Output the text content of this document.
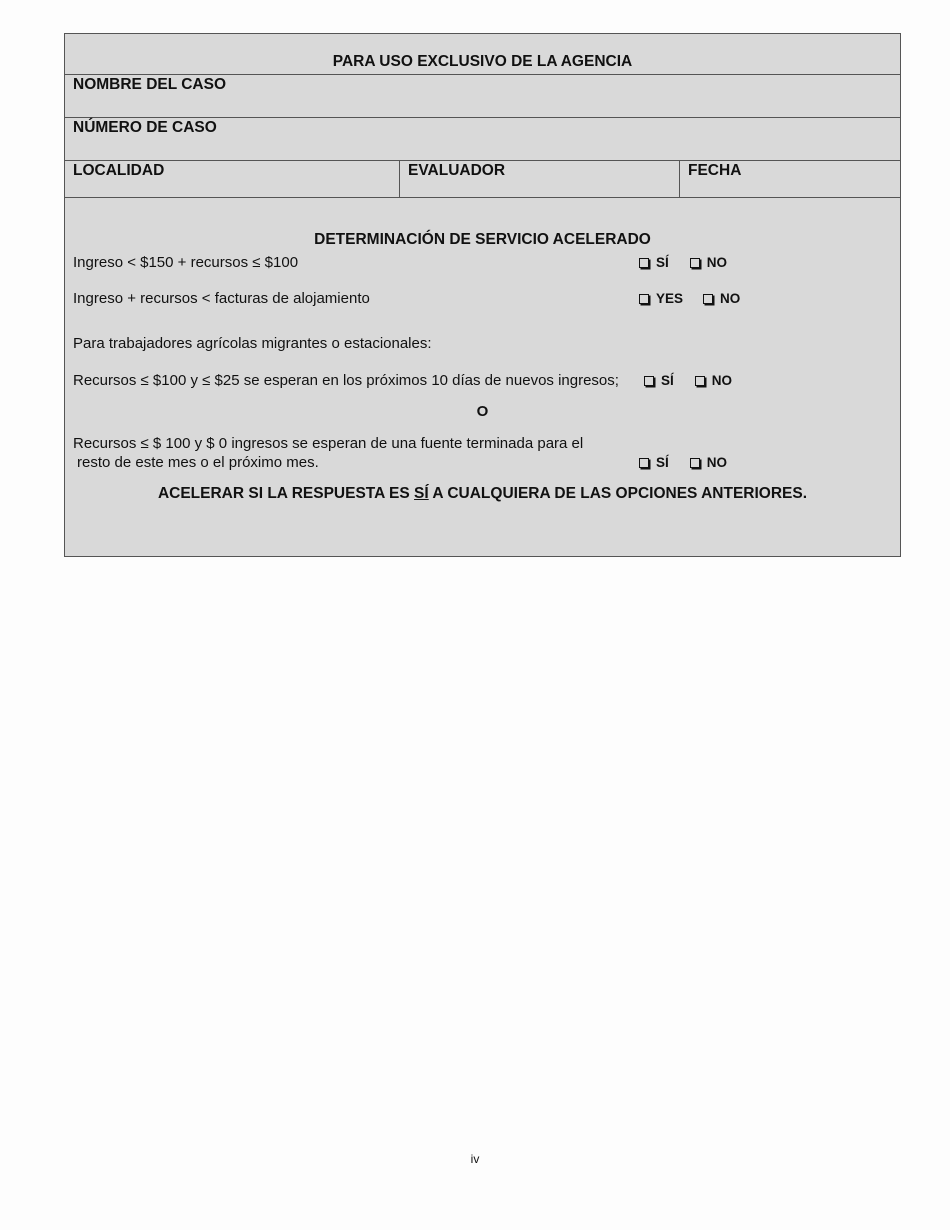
PARA USO EXCLUSIVO DE LA AGENCIA
NOMBRE DEL CASO
NÚMERO DE CASO
LOCALIDAD	EVALUADOR	FECHA
DETERMINACIÓN DE SERVICIO ACELERADO
Ingreso < $150 + recursos ≤ $100	SÍ	NO
Ingreso + recursos < facturas de alojamiento	YES	NO
Para trabajadores agrícolas migrantes o estacionales:
Recursos ≤ $100 y ≤ $25 se esperan en los próximos 10 días de nuevos ingresos;	SÍ	NO
O
Recursos ≤ $ 100 y $ 0 ingresos se esperan de una fuente terminada para el
resto de este mes o el próximo mes.	SÍ	NO
ACELERAR SI LA RESPUESTA ES SÍ A CUALQUIERA DE LAS OPCIONES ANTERIORES.
iv
